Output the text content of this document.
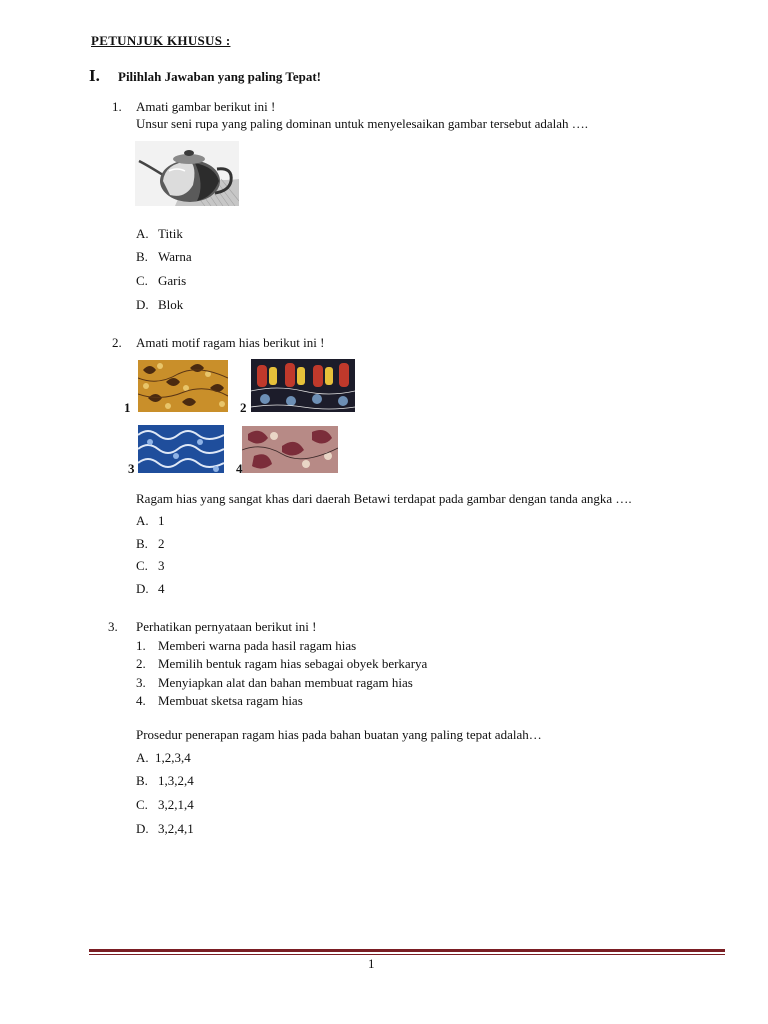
PETUNJUK KHUSUS :
I. Pilihlah Jawaban yang paling Tepat!
1. Amati gambar berikut ini !
Unsur seni rupa yang paling dominan untuk menyelesaikan gambar tersebut adalah ….
A. Titik
B. Warna
C. Garis
D. Blok
2. Amati motif ragam hias berikut ini !
1	2
3	4
Ragam hias yang sangat khas dari daerah Betawi terdapat pada gambar dengan tanda angka ….
A. 1
B. 2
C. 3
D. 4
3. Perhatikan pernyataan berikut ini !
1. Memberi warna pada hasil ragam hias
2. Memilih bentuk ragam hias sebagai obyek berkarya
3. Menyiapkan alat dan bahan membuat ragam hias
4. Membuat sketsa ragam hias
Prosedur penerapan ragam hias pada bahan buatan yang paling tepat adalah…
A. 1,2,3,4
B. 1,3,2,4
C. 3,2,1,4
D. 3,2,4,1
1
